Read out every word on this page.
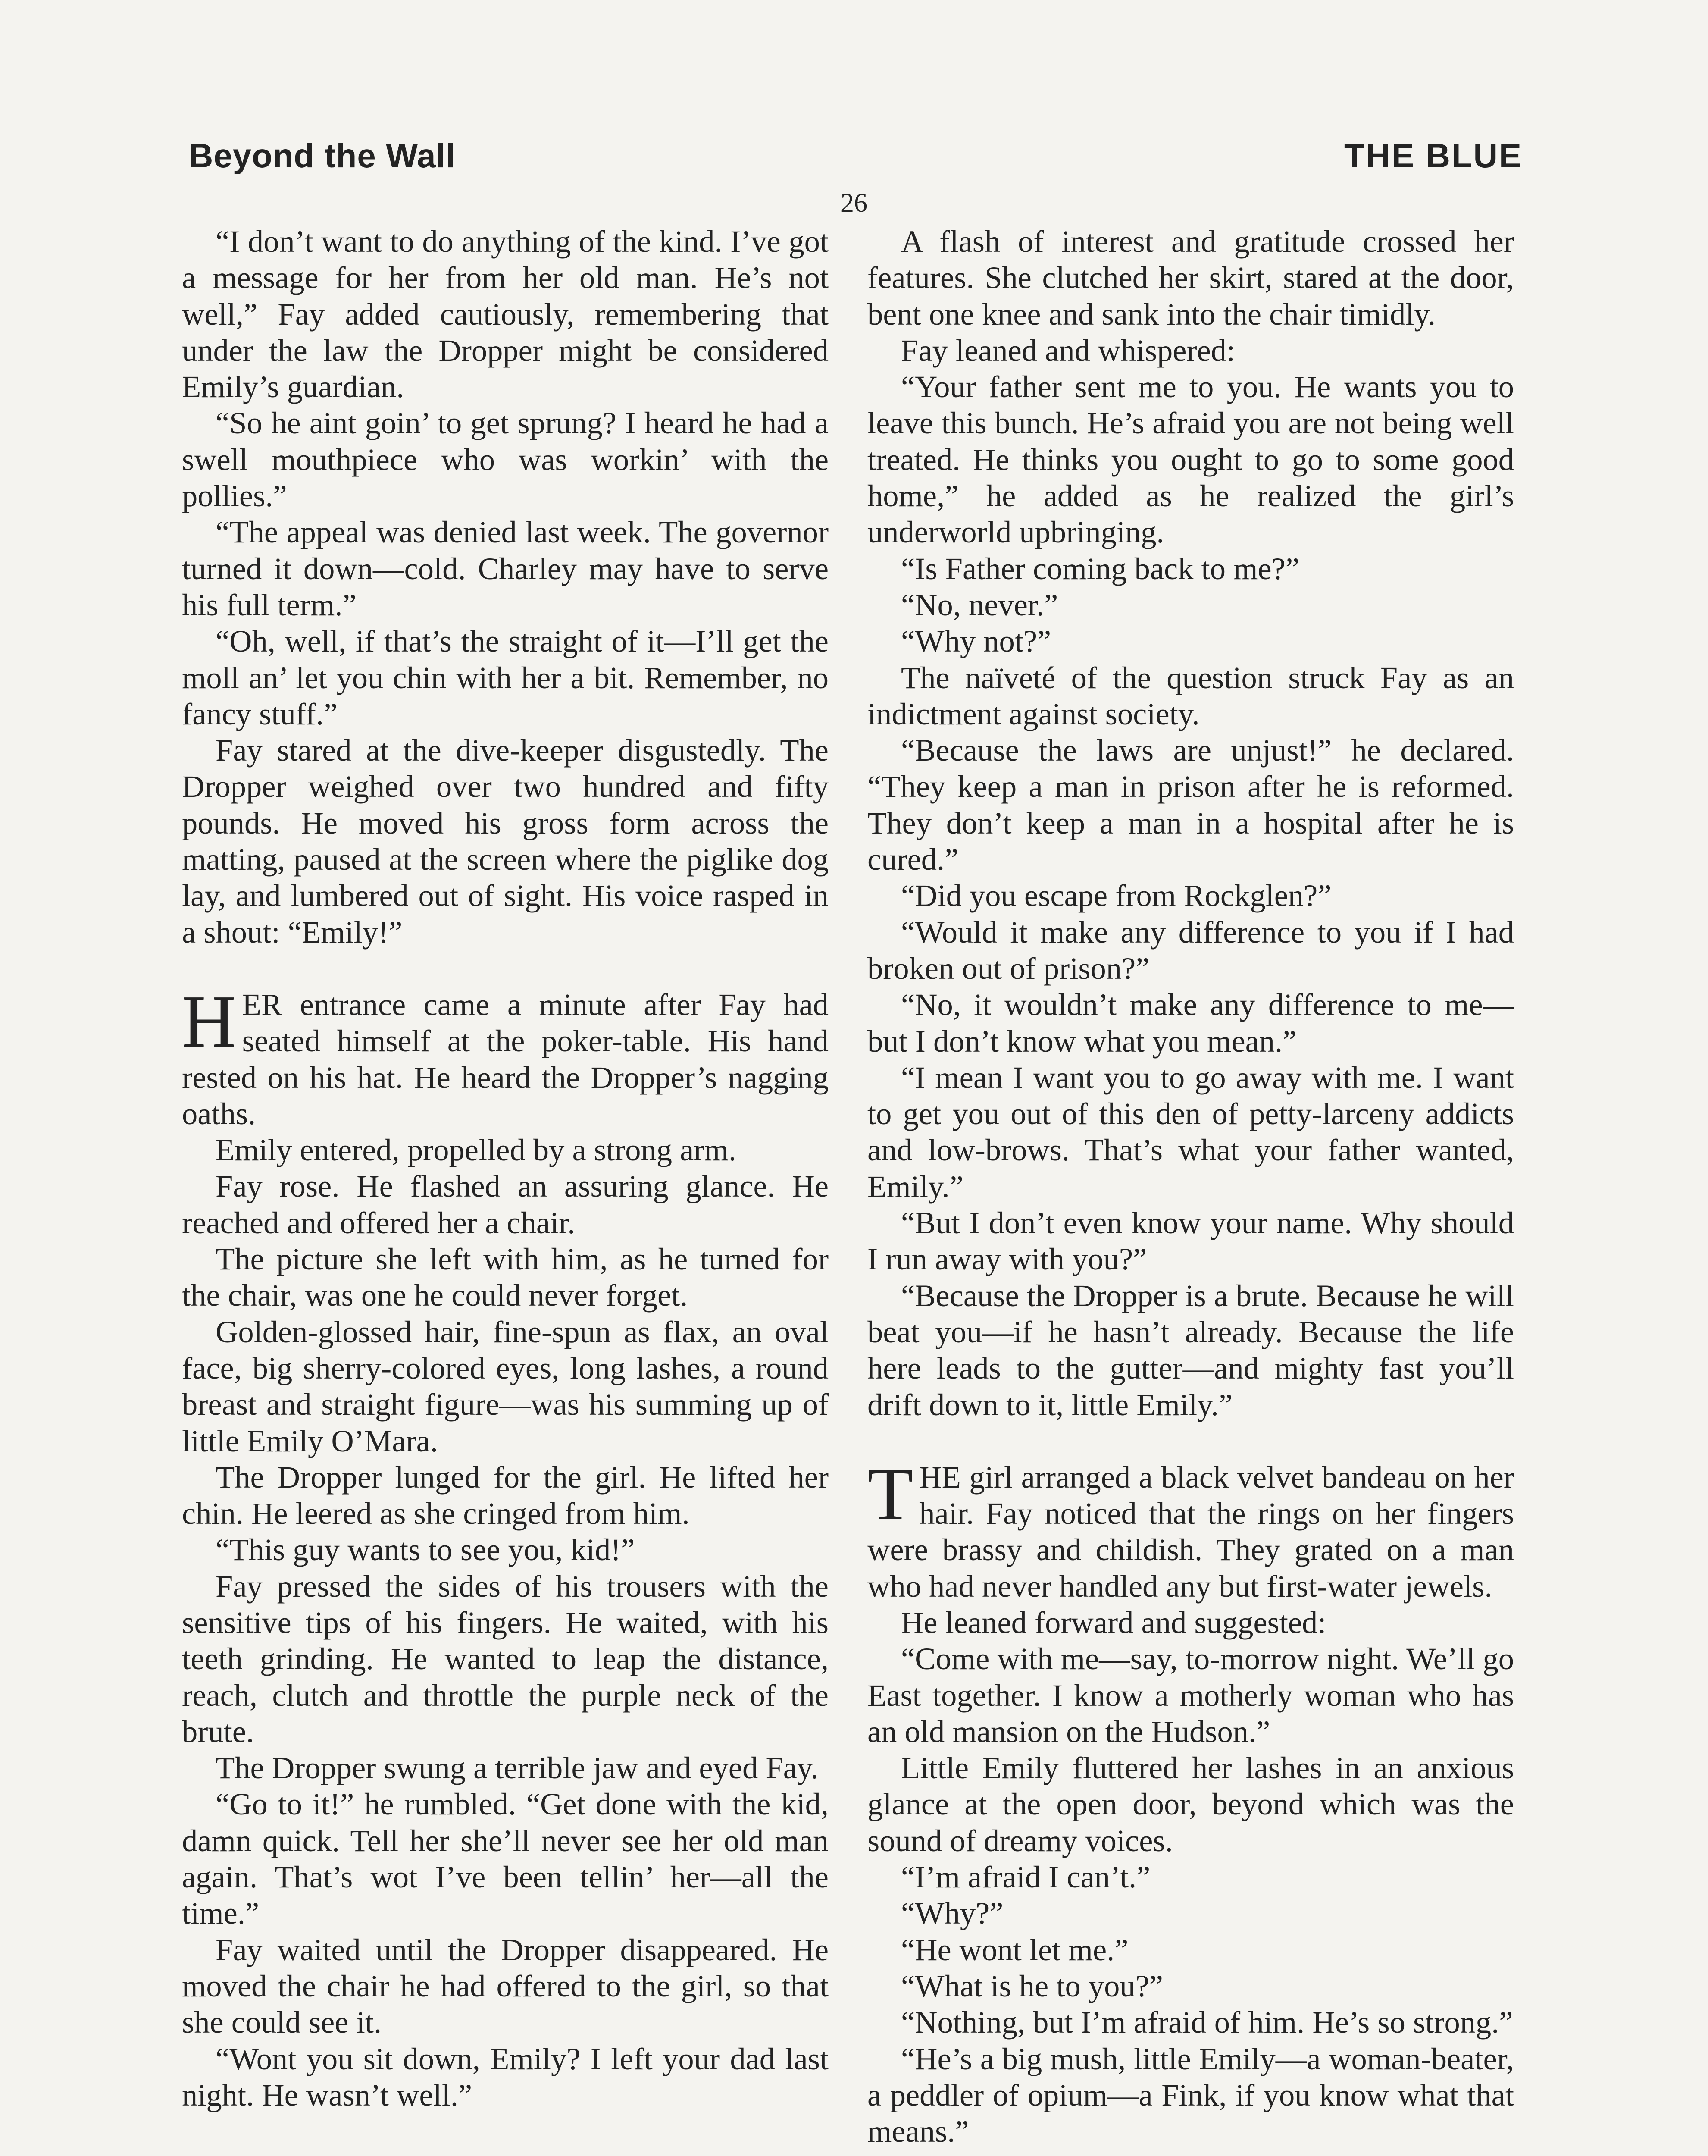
Beyond the Wall	THE BLUE
26

“I don’t want to do anything of the kind. I’ve got a message for her from her old man. He’s not well,” Fay added cautiously, remembering that under the law the Dropper might be considered Emily’s guardian.

“So he aint goin’ to get sprung? I heard he had a swell mouthpiece who was workin’ with the pollies.”

“The appeal was denied last week. The governor turned it down—cold. Charley may have to serve his full term.”

“Oh, well, if that’s the straight of it—I’ll get the moll an’ let you chin with her a bit. Remember, no fancy stuff.”

Fay stared at the dive-keeper disgustedly. The Dropper weighed over two hundred and fifty pounds. He moved his gross form across the matting, paused at the screen where the piglike dog lay, and lumbered out of sight. His voice rasped in a shout: “Emily!”

HER entrance came a minute after Fay had seated himself at the poker-table. His hand rested on his hat. He heard the Dropper’s nagging oaths.

Emily entered, propelled by a strong arm.

Fay rose. He flashed an assuring glance. He reached and offered her a chair.

The picture she left with him, as he turned for the chair, was one he could never forget.

Golden-glossed hair, fine-spun as flax, an oval face, big sherry-colored eyes, long lashes, a round breast and straight figure—was his summing up of little Emily O’Mara.

The Dropper lunged for the girl. He lifted her chin. He leered as she cringed from him.

“This guy wants to see you, kid!”

Fay pressed the sides of his trousers with the sensitive tips of his fingers. He waited, with his teeth grinding. He wanted to leap the distance, reach, clutch and throttle the purple neck of the brute.

The Dropper swung a terrible jaw and eyed Fay.

“Go to it!” he rumbled. “Get done with the kid, damn quick. Tell her she’ll never see her old man again. That’s wot I’ve been tellin’ her—all the time.”

Fay waited until the Dropper disappeared. He moved the chair he had offered to the girl, so that she could see it.

“Wont you sit down, Emily? I left your dad last night. He wasn’t well.”

A flash of interest and gratitude crossed her features. She clutched her skirt, stared at the door, bent one knee and sank into the chair timidly.

Fay leaned and whispered:

“Your father sent me to you. He wants you to leave this bunch. He’s afraid you are not being well treated. He thinks you ought to go to some good home,” he added as he realized the girl’s underworld upbringing.

“Is Father coming back to me?”

“No, never.”

“Why not?”

The naïveté of the question struck Fay as an indictment against society.

“Because the laws are unjust!” he declared. “They keep a man in prison after he is reformed. They don’t keep a man in a hospital after he is cured.”

“Did you escape from Rockglen?”

“Would it make any difference to you if I had broken out of prison?”

“No, it wouldn’t make any difference to me—but I don’t know what you mean.”

“I mean I want you to go away with me. I want to get you out of this den of petty-larceny addicts and low-brows. That’s what your father wanted, Emily.”

“But I don’t even know your name. Why should I run away with you?”

“Because the Dropper is a brute. Because he will beat you—if he hasn’t already. Because the life here leads to the gutter—and mighty fast you’ll drift down to it, little Emily.”

THE girl arranged a black velvet bandeau on her hair. Fay noticed that the rings on her fingers were brassy and childish. They grated on a man who had never handled any but first-water jewels.

He leaned forward and suggested:

“Come with me—say, to-morrow night. We’ll go East together. I know a motherly woman who has an old mansion on the Hudson.”

Little Emily fluttered her lashes in an anxious glance at the open door, beyond which was the sound of dreamy voices.

“I’m afraid I can’t.”

“Why?”

“He wont let me.”

“What is he to you?”

“Nothing, but I’m afraid of him. He’s so strong.”

“He’s a big mush, little Emily—a woman-beater, a peddler of opium—a Fink, if you know what that means.”
